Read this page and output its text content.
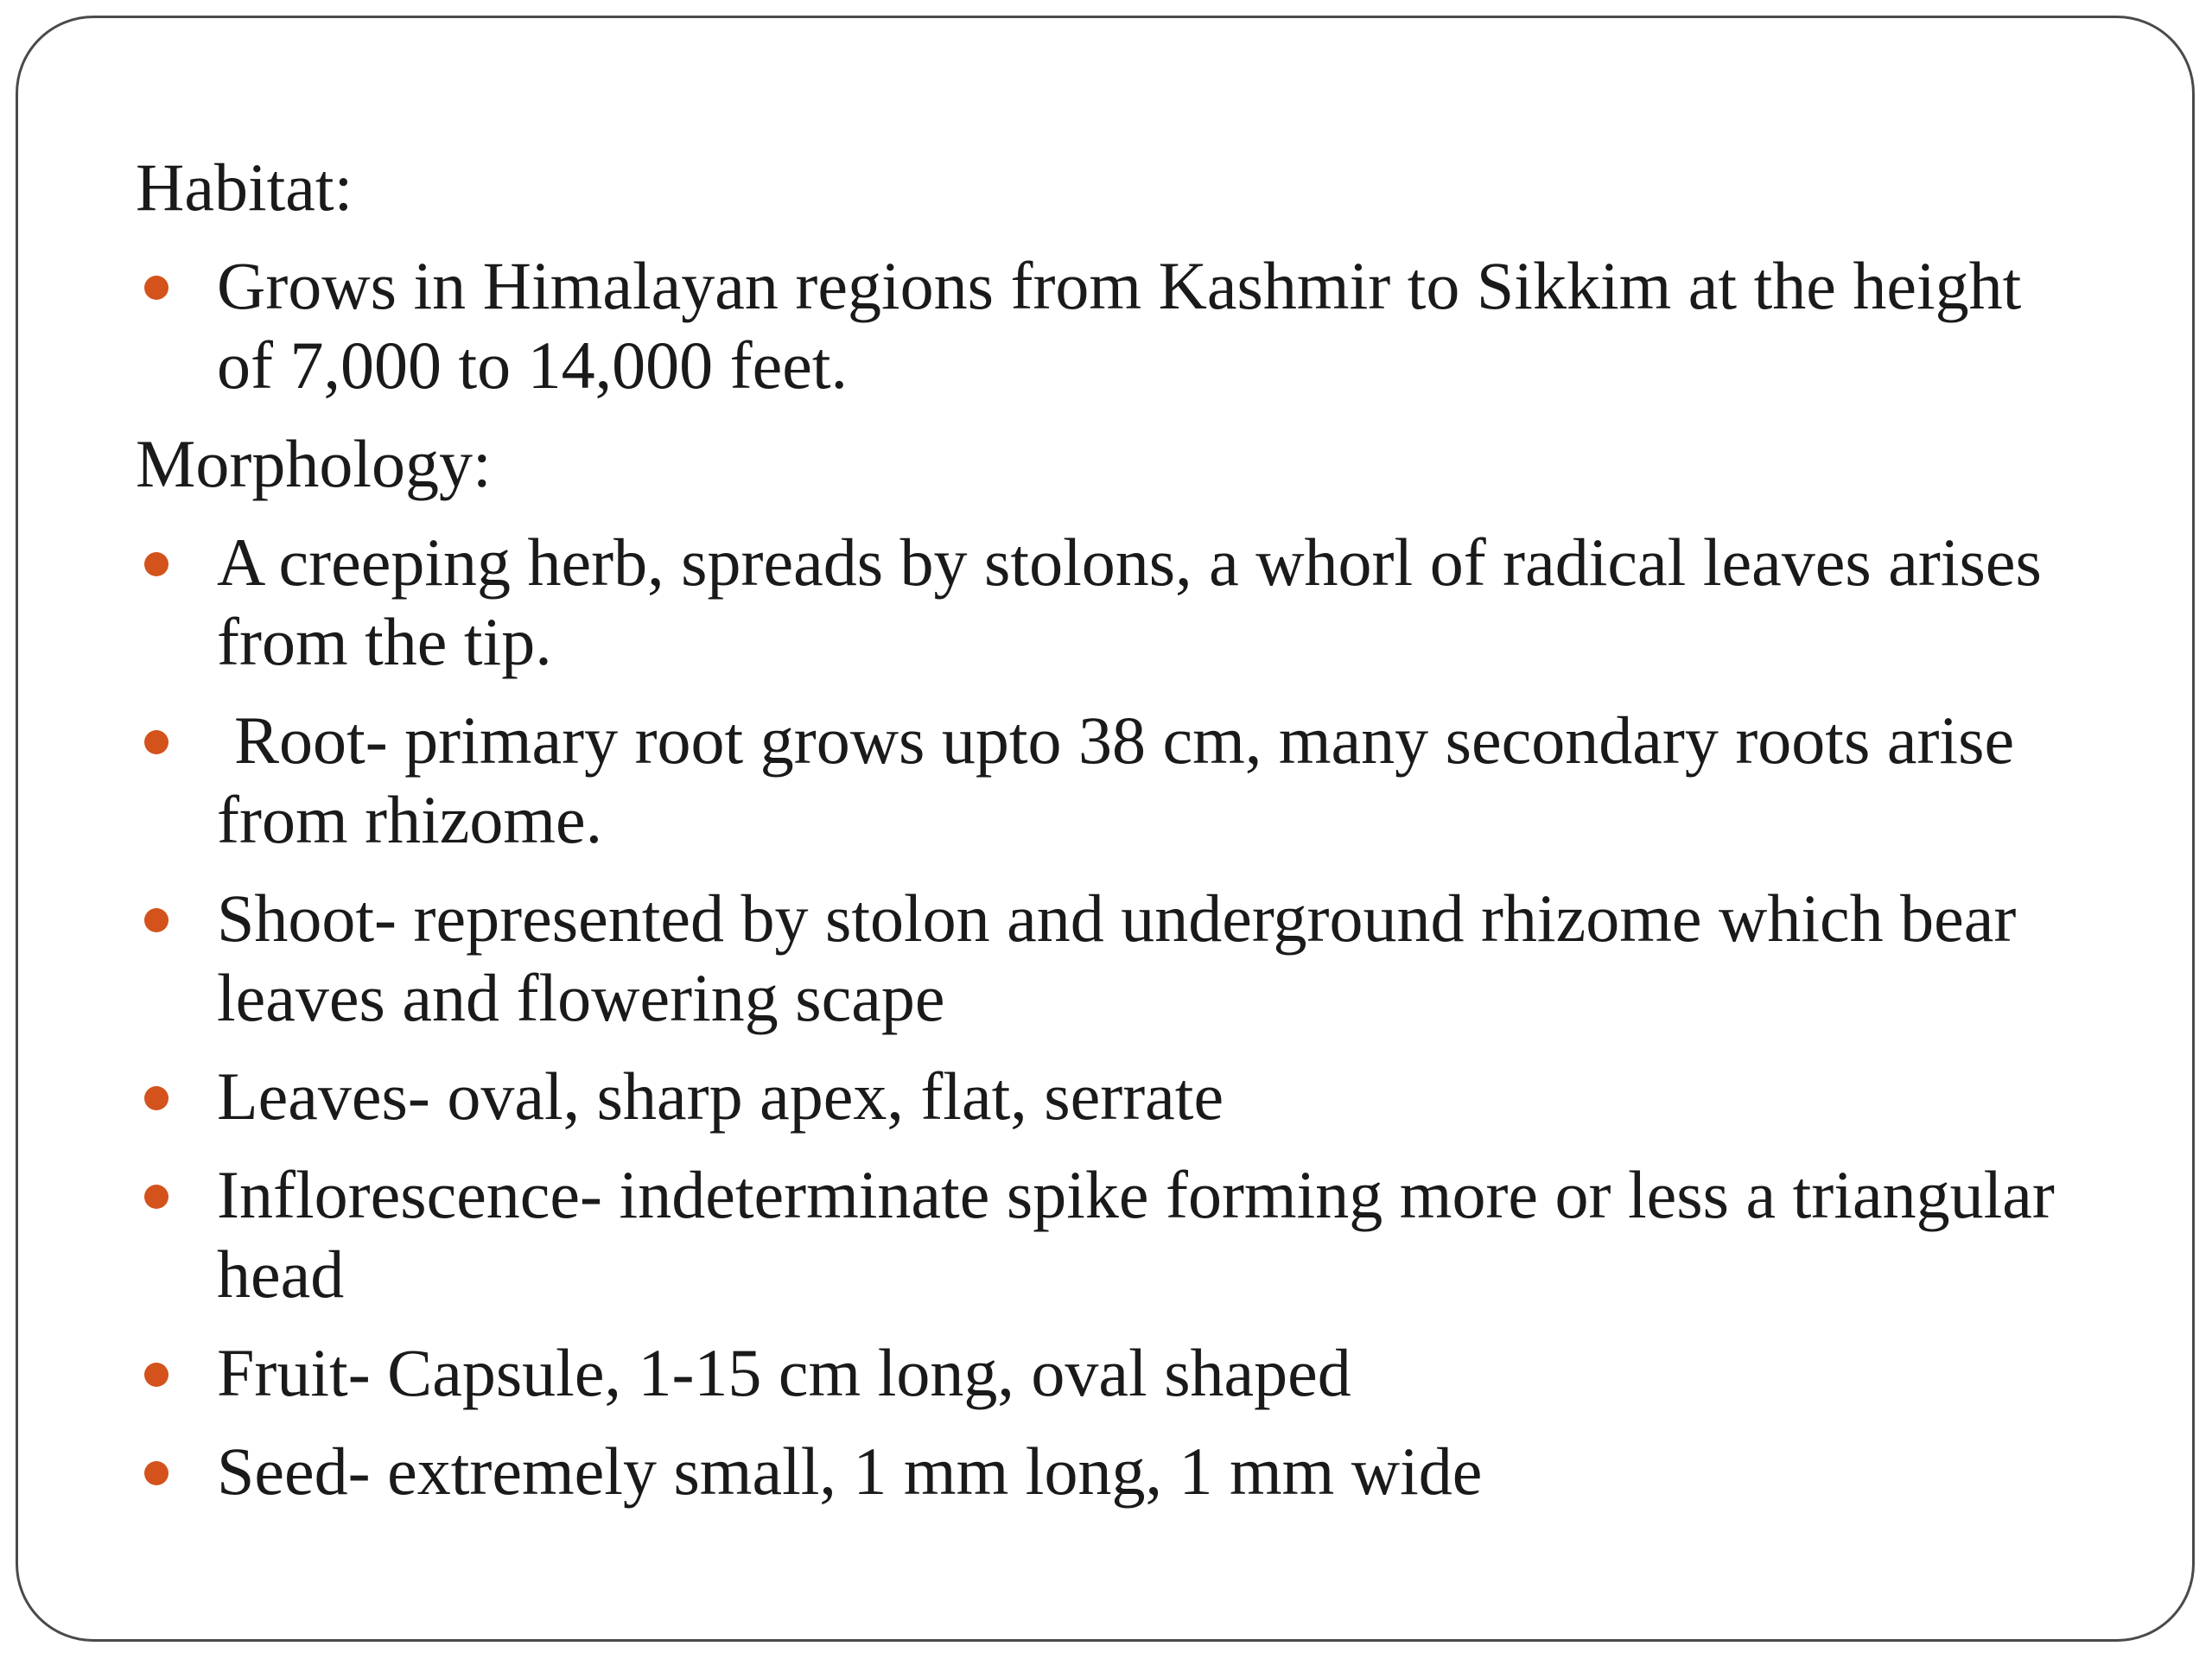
Habitat:
Grows in Himalayan regions from Kashmir to Sikkim at the height of 7,000 to 14,000 feet.
Morphology:
A creeping herb, spreads by stolons, a whorl of radical leaves arises from the tip.
Root- primary root grows upto 38 cm, many secondary roots arise from rhizome.
Shoot- represented by stolon and underground rhizome which bear leaves and flowering scape
Leaves- oval, sharp apex, flat, serrate
Inflorescence- indeterminate spike forming more or less a triangular head
Fruit- Capsule, 1-15 cm long, oval shaped
Seed- extremely small, 1 mm long, 1 mm wide
